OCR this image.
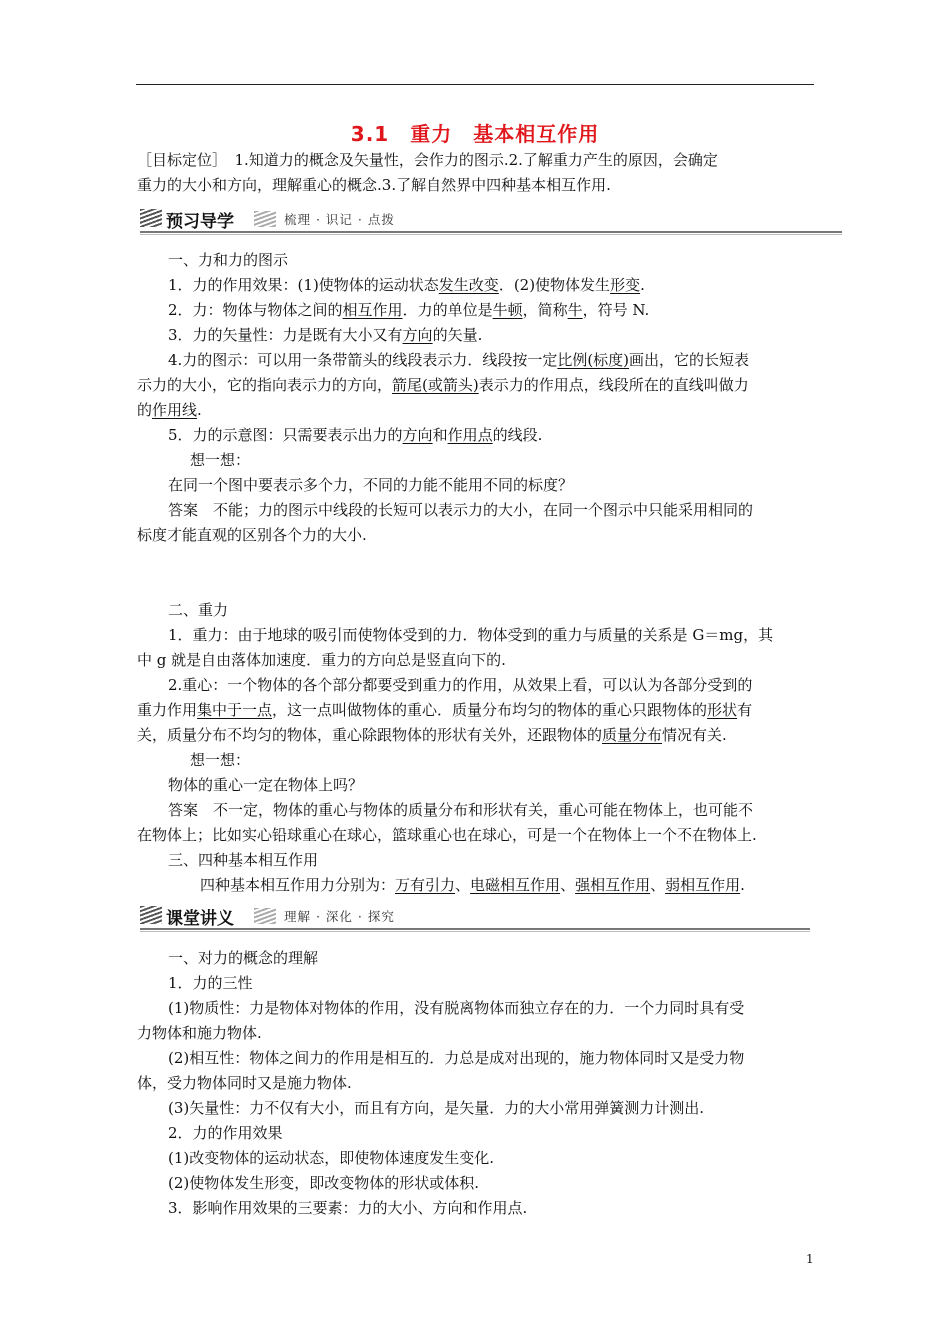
3.1　重力　基本相互作用
［目标定位］　1.知道力的概念及矢量性，会作力的图示.2.了解重力产生的原因，会确定
重力的大小和方向，理解重心的概念.3.了解自然界中四种基本相互作用.
预习导学	梳理 · 识记 · 点拨
一、力和力的图示
1．力的作用效果：(1)使物体的运动状态发生改变．(2)使物体发生形变.
2．力：物体与物体之间的相互作用．力的单位是牛顿，简称牛，符号 N.
3．力的矢量性：力是既有大小又有方向的矢量.
4.力的图示：可以用一条带箭头的线段表示力．线段按一定比例(标度)画出，它的长短表
示力的大小，它的指向表示力的方向，箭尾(或箭头)表示力的作用点，线段所在的直线叫做力
的作用线.
5．力的示意图：只需要表示出力的方向和作用点的线段.
想一想：
在同一个图中要表示多个力，不同的力能不能用不同的标度？
答案　不能；力的图示中线段的长短可以表示力的大小，在同一个图示中只能采用相同的
标度才能直观的区别各个力的大小.
二、重力
1．重力：由于地球的吸引而使物体受到的力．物体受到的重力与质量的关系是 G＝mg，其
中 g 就是自由落体加速度．重力的方向总是竖直向下的.
2.重心：一个物体的各个部分都要受到重力的作用，从效果上看，可以认为各部分受到的
重力作用集中于一点，这一点叫做物体的重心．质量分布均匀的物体的重心只跟物体的形状有
关，质量分布不均匀的物体，重心除跟物体的形状有关外，还跟物体的质量分布情况有关.
想一想：
物体的重心一定在物体上吗？
答案　不一定，物体的重心与物体的质量分布和形状有关，重心可能在物体上，也可能不
在物体上；比如实心铅球重心在球心，篮球重心也在球心，可是一个在物体上一个不在物体上.
三、四种基本相互作用
四种基本相互作用力分别为：万有引力、电磁相互作用、强相互作用、弱相互作用.
课堂讲义	理解 · 深化 · 探究
一、对力的概念的理解
1．力的三性
(1)物质性：力是物体对物体的作用，没有脱离物体而独立存在的力．一个力同时具有受
力物体和施力物体.
(2)相互性：物体之间力的作用是相互的．力总是成对出现的，施力物体同时又是受力物
体，受力物体同时又是施力物体.
(3)矢量性：力不仅有大小，而且有方向，是矢量．力的大小常用弹簧测力计测出.
2．力的作用效果
(1)改变物体的运动状态，即使物体速度发生变化.
(2)使物体发生形变，即改变物体的形状或体积.
3．影响作用效果的三要素：力的大小、方向和作用点.
1
